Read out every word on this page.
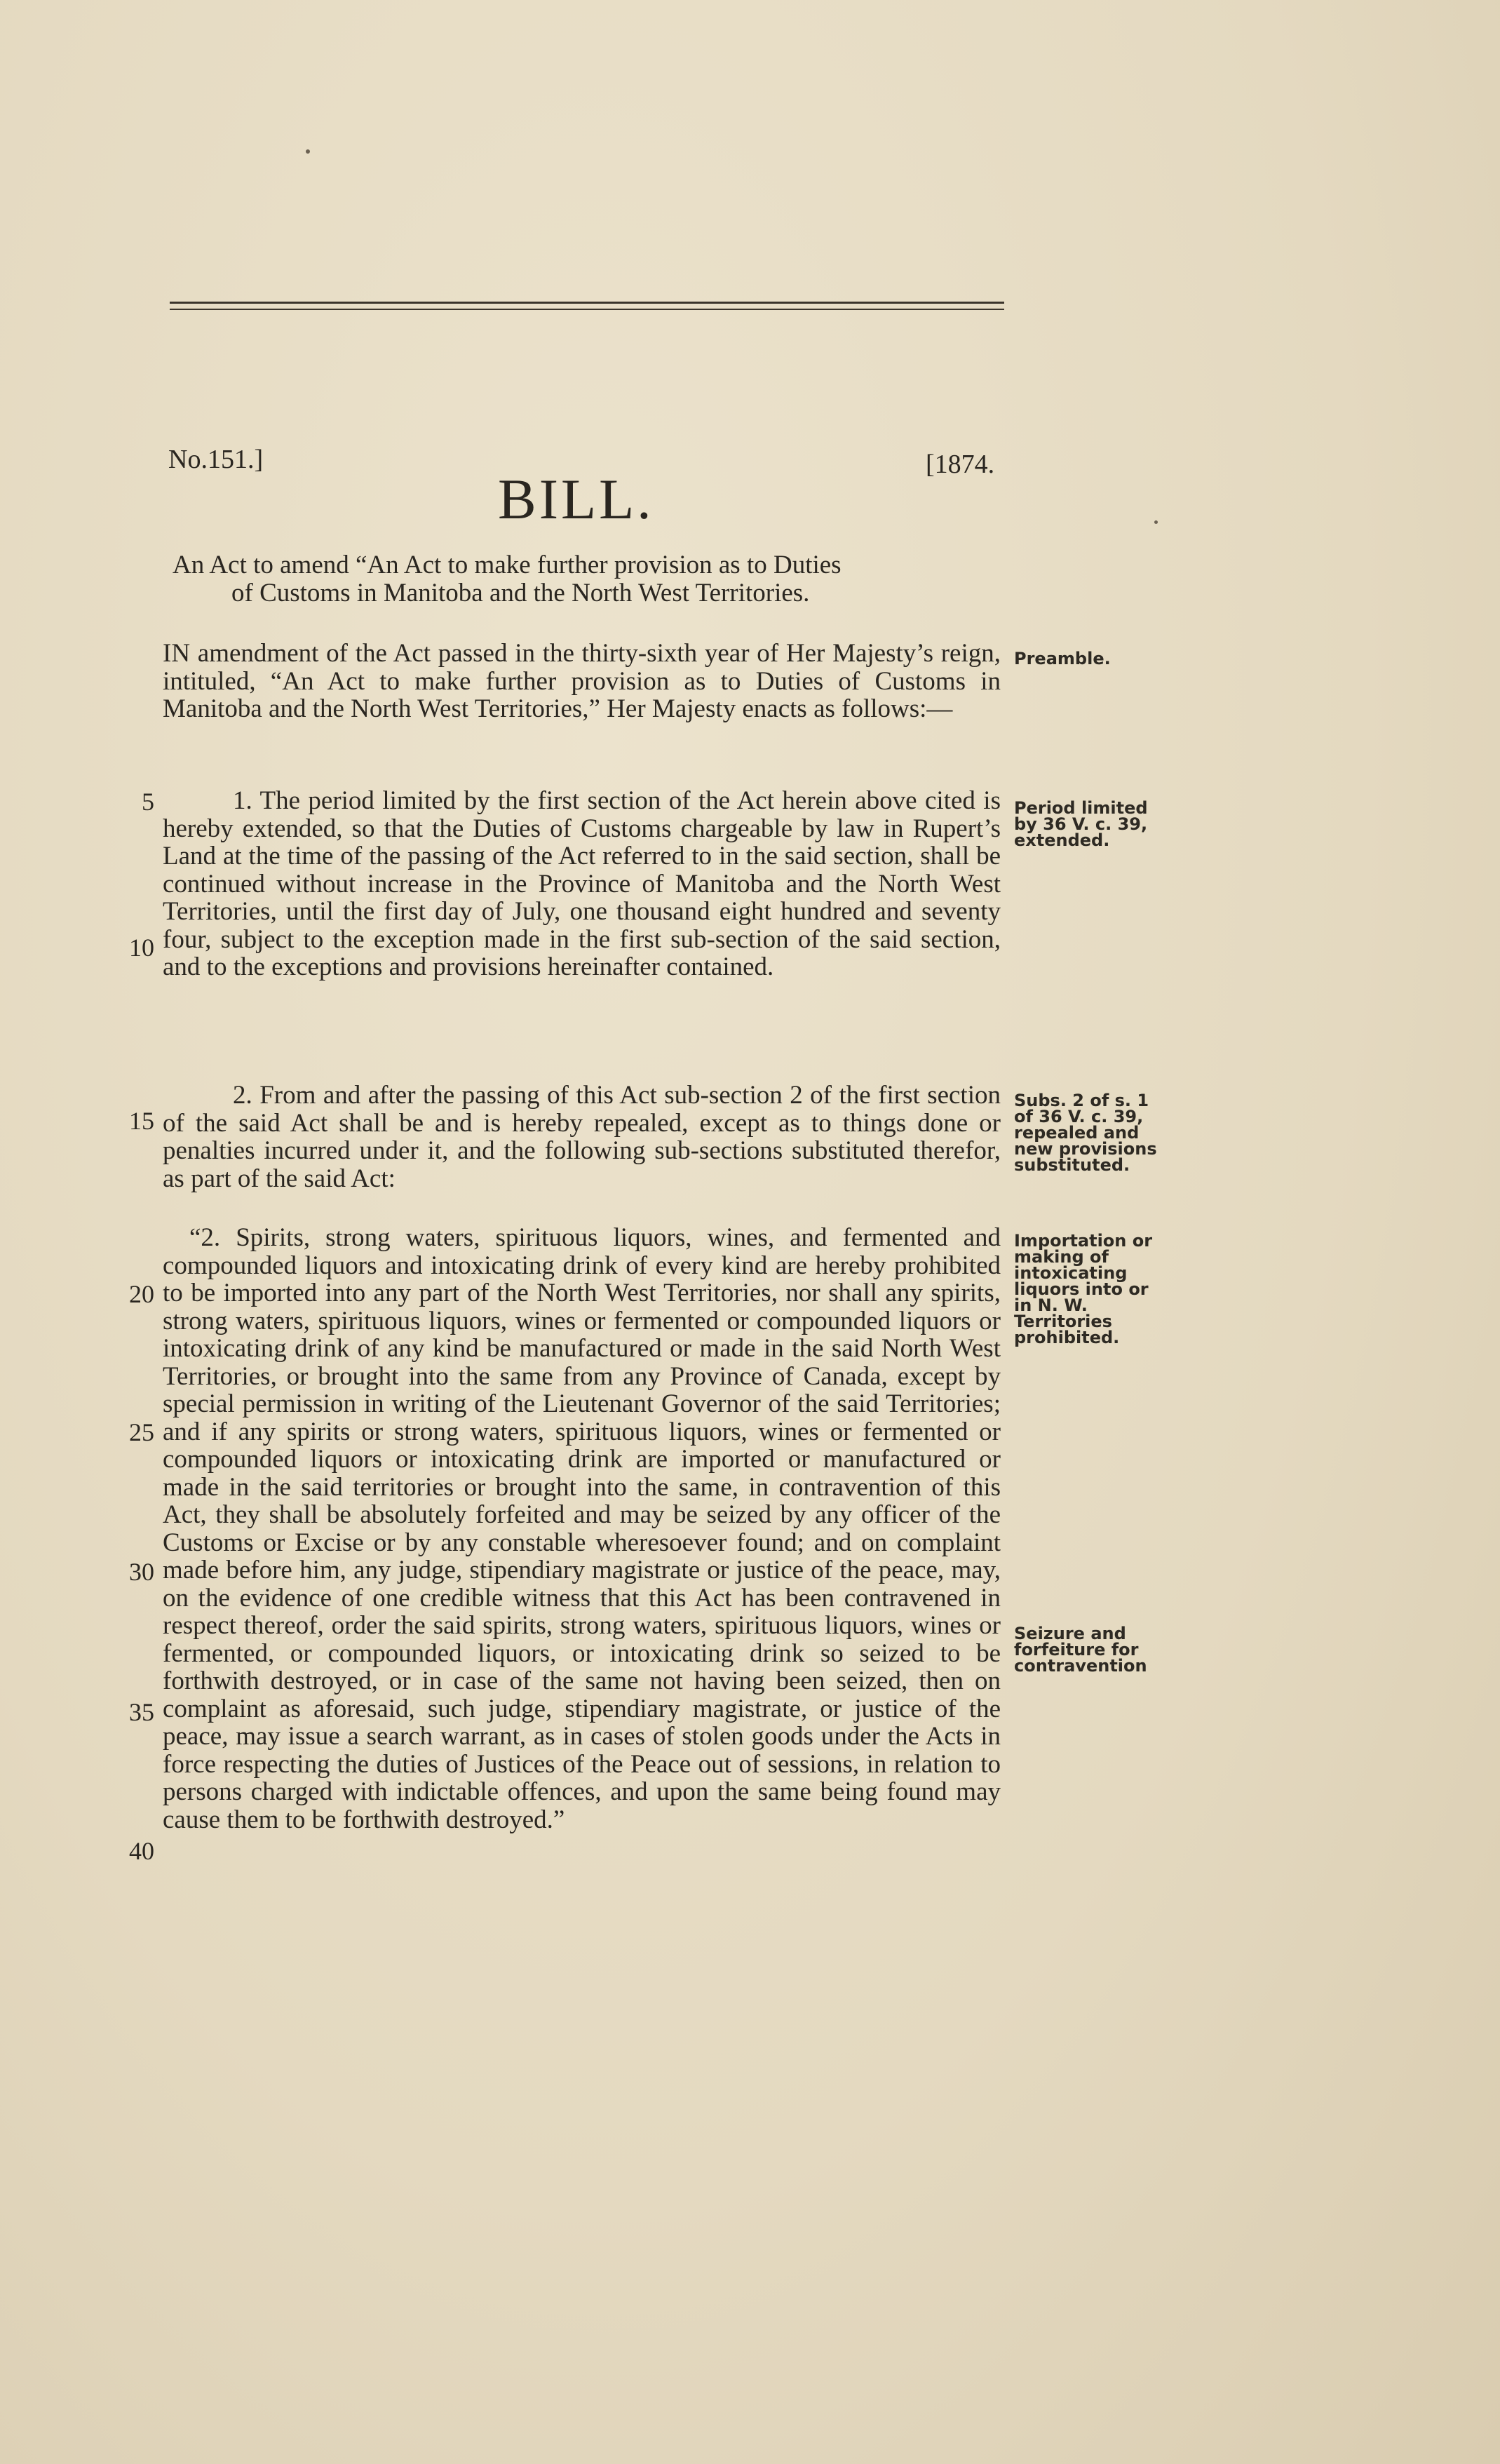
No.151.]	[1874.
BILL.
An Act to amend “An Act to make further provision as to Duties
of Customs in Manitoba and the North West Territories.
IN amendment of the Act passed in the thirty-sixth year of Her Majesty’s reign, intituled, “An Act to make further provision as to Duties of Customs in Manitoba and the North West Territories,” Her Majesty enacts as follows:—
Preamble.
1. The period limited by the first section of the Act herein above cited is hereby extended, so that the Duties of Customs chargeable by law in Rupert’s Land at the time of the passing of the Act referred to in the said section, shall be continued without increase in the Province of Manitoba and the North West Territories, until the first day of July, one thousand eight hundred and seventy four, subject to the exception made in the first sub-section of the said section, and to the exceptions and provisions hereinafter contained.
Period limited by 36 V. c. 39, extended.
2. From and after the passing of this Act sub-section 2 of the first section of the said Act shall be and is hereby repealed, except as to things done or penalties incurred under it, and the following sub-sections substituted therefor, as part of the said Act:
Subs. 2 of s. 1 of 36 V. c. 39, repealed and new provisions substituted.
“2. Spirits, strong waters, spirituous liquors, wines, and fermented and compounded liquors and intoxicating drink of every kind are hereby prohibited to be imported into any part of the North West Territories, nor shall any spirits, strong waters, spirituous liquors, wines or fermented or compounded liquors or intoxicating drink of any kind be manufactured or made in the said North West Territories, or brought into the same from any Province of Canada, except by special permission in writing of the Lieutenant Governor of the said Territories; and if any spirits or strong waters, spirituous liquors, wines or fermented or compounded liquors or intoxicating drink are imported or manufactured or made in the said territories or brought into the same, in contravention of this Act, they shall be absolutely forfeited and may be seized by any officer of the Customs or Excise or by any constable wheresoever found; and on complaint made before him, any judge, stipendiary magistrate or justice of the peace, may, on the evidence of one credible witness that this Act has been contravened in respect thereof, order the said spirits, strong waters, spirituous liquors, wines or fermented, or compounded liquors, or intoxicating drink so seized to be forthwith destroyed, or in case of the same not having been seized, then on complaint as aforesaid, such judge, stipendiary magistrate, or justice of the peace, may issue a search warrant, as in cases of stolen goods under the Acts in force respecting the duties of Justices of the Peace out of sessions, in relation to persons charged with indictable offences, and upon the same being found may cause them to be forthwith destroyed.”
Importation or making of intoxicating liquors into or in N. W. Territories prohibited.
Seizure and forfeiture for contravention
5
10
15
20
25
30
35
40
